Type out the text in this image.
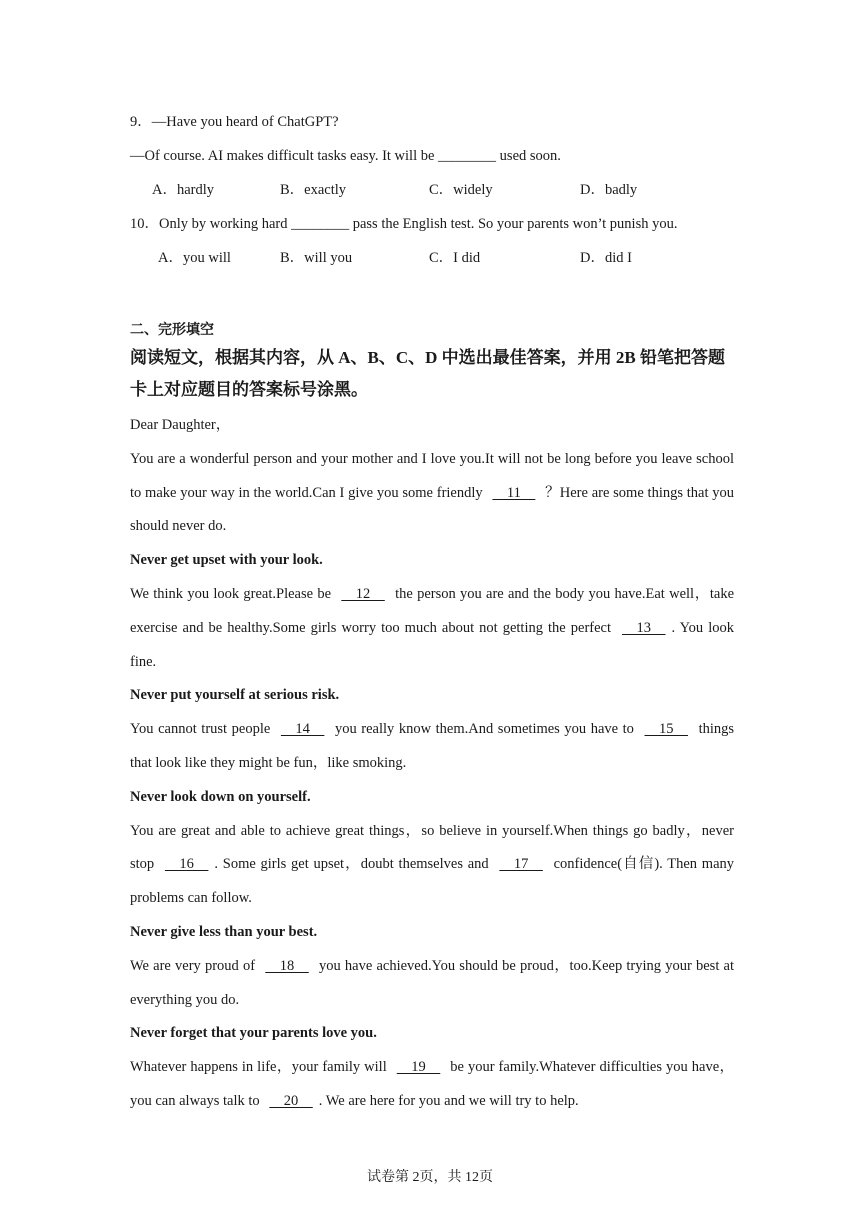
9．—Have you heard of ChatGPT?
—Of course. AI makes difficult tasks easy. It will be ________ used soon.
A．hardly	B．exactly	C．widely	D．badly
10．Only by working hard ________ pass the English test. So your parents won’t punish you.
A．you will	B．will you	C．I did	D．did I
二、完形填空
阅读短文，根据其内容，从 A、B、C、D 中选出最佳答案，并用 2B 铅笔把答题卡上对应题目的答案标号涂黑。

Dear Daughter，

You are a wonderful person and your mother and I love you.It will not be long before you leave school to make your way in the world.Can I give you some friendly     11     ？Here are some things that you should never do.

Never get upset with your look.

We think you look great.Please be     12     the person you are and the body you have.Eat well，take exercise and be healthy.Some girls worry too much about not getting the perfect     13    . You look fine.

Never put yourself at serious risk.

You cannot trust people     14     you really know them.And sometimes you have to     15     things that look like they might be fun，like smoking.

Never look down on yourself.

You are great and able to achieve great things，so believe in yourself.When things go badly，never stop     16    . Some girls get upset，doubt themselves and     17     confidence(自信). Then many problems can follow.

Never give less than your best.

We are very proud of     18     you have achieved.You should be proud，too.Keep trying your best at everything you do.

Never forget that your parents love you.

Whatever happens in life，your family will     19     be your family.Whatever difficulties you have，you can always talk to     20    . We are here for you and we will try to help.

试卷第 2页，共 12页
